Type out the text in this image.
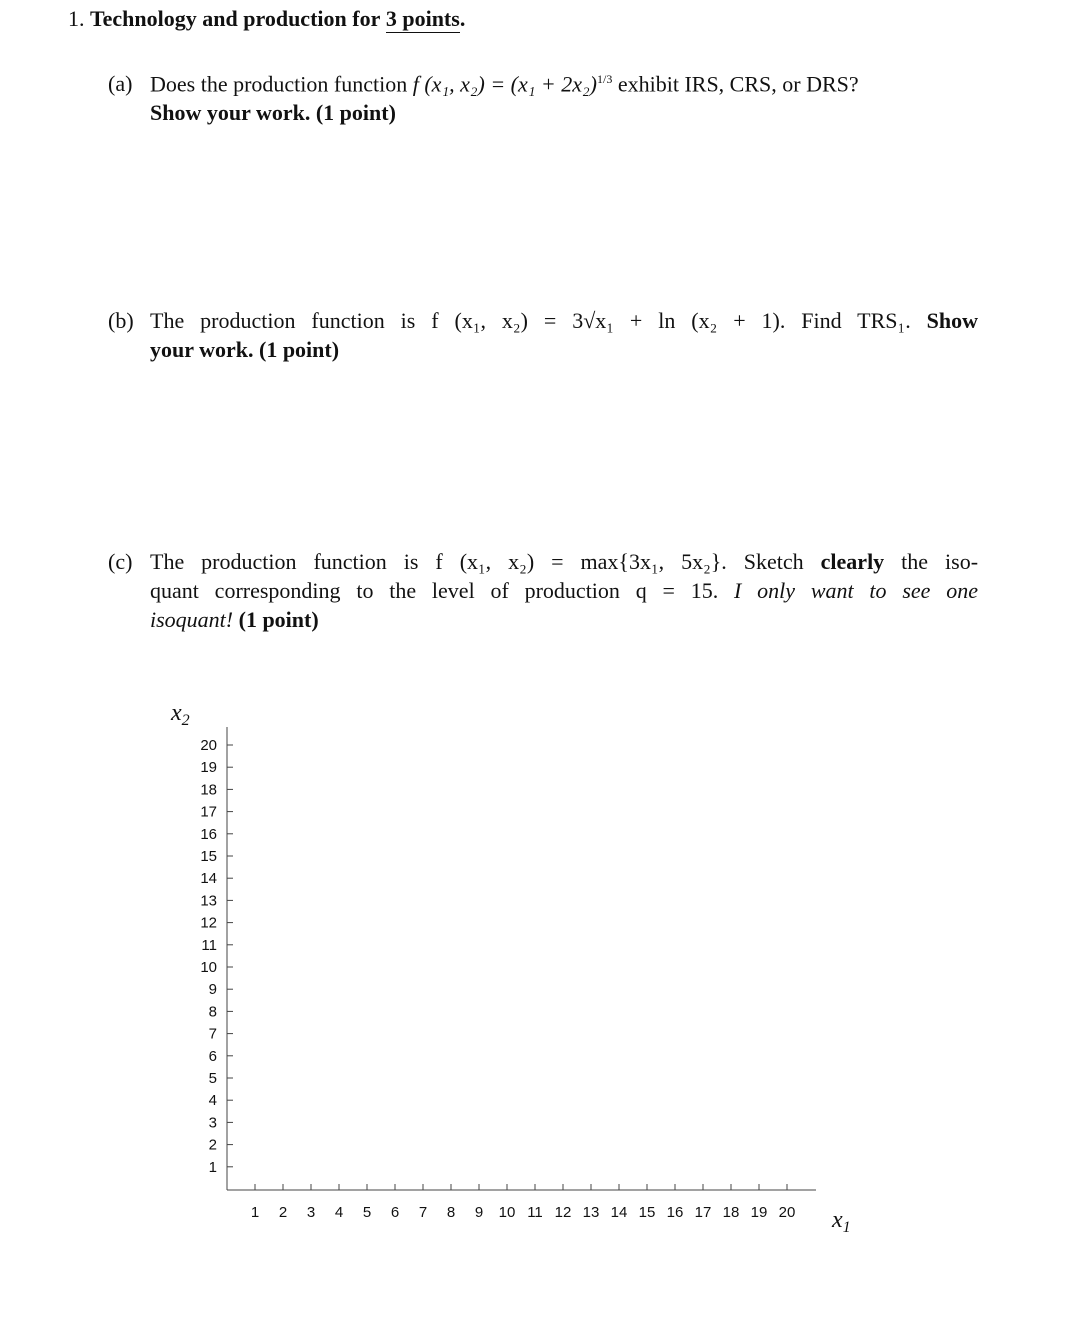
1. Technology and production for 3 points.
(a) Does the production function f (x₁, $x_2) = (x_1 + 2x_2)^{1/3}$ exhibit IRS, CRS, or DRS?
Show your work. (1 point)
(b) The production function is f (x₁, x₂) = 3√x₁ + ln (x₂ + 1). Find TRS₁. Show
your work. (1 point)
(c) The production function is f (x₁, x₂) = max{3x₁, 5x₂}. Sketch clearly the iso-
quant corresponding to the level of production q = 15. I only want to see one
isoquant! (1 point)
1 2 3 4 5 6 7 8 9 10 11 12 13 14 15 16 17 18 19 20
1
2
3
4
5
6
7
8
9
10
11
12
13
14
15
16
17
18
19
20
$x_2$
$x_1$
